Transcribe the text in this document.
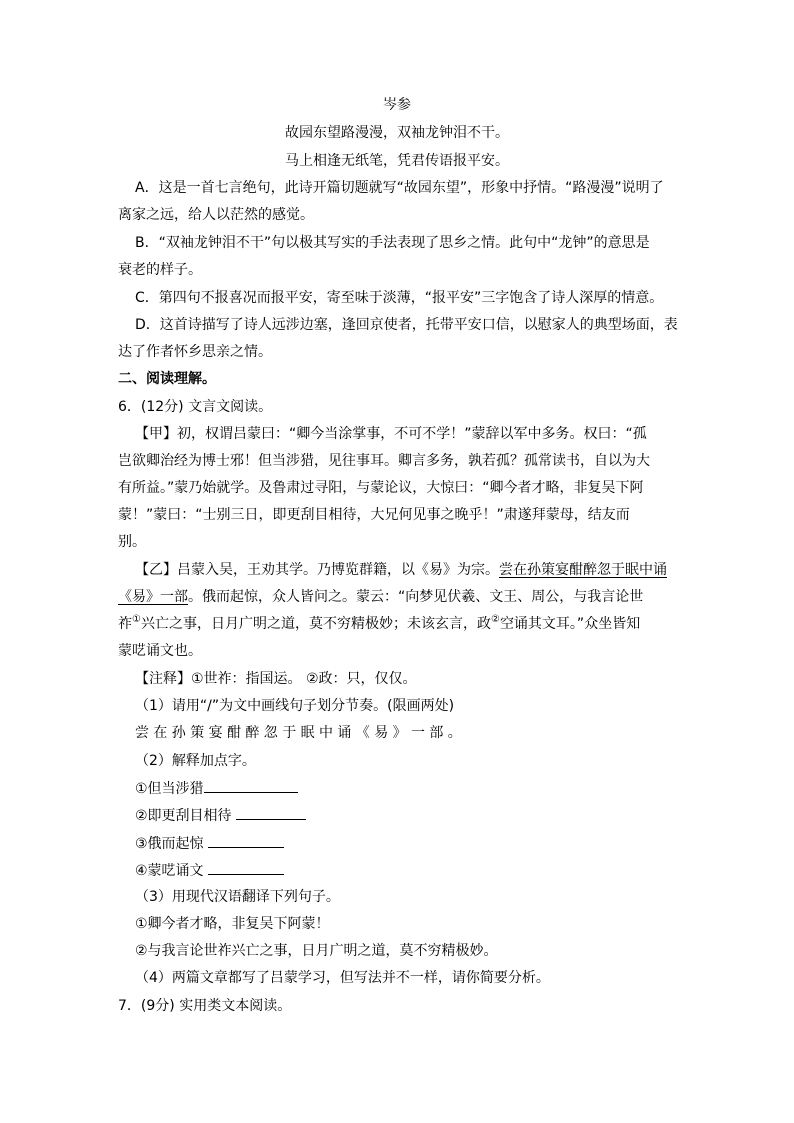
岑参
故园东望路漫漫，双袖龙钟泪不干。
马上相逢无纸笔，凭君传语报平安。
A．这是一首七言绝句，此诗开篇切题就写“故园东望”，形象中抒情。“路漫漫”说明了
离家之远，给人以茫然的感觉。
B．“双袖龙钟泪不干”句以极其写实的手法表现了思乡之情。此句中“龙钟”的意思是
衰老的样子。
C．第四句不报喜况而报平安，寄至味于淡薄，“报平安”三字饱含了诗人深厚的情意。
D．这首诗描写了诗人远涉边塞，逢回京使者，托带平安口信，以慰家人的典型场面，表
达了作者怀乡思亲之情。
二、阅读理解。
6．(12分) 文言文阅读。
【甲】初，权谓吕蒙曰：“卿今当涂掌事，不可不学！”蒙辞以军中多务。权曰：“孤
岂欲卿治经为博士邪！但当涉猎，见往事耳。卿言多务，孰若孤？孤常读书，自以为大
有所益。”蒙乃始就学。及鲁肃过寻阳，与蒙论议，大惊曰：“卿今者才略，非复吴下阿
蒙！”蒙曰：“士别三日，即更刮目相待，大兄何见事之晚乎！”肃遂拜蒙母，结友而
别。
【乙】吕蒙入吴，王劝其学。乃博览群籍，以《易》为宗。尝在孙策宴酣醉忽于眠中诵
《易》一部。俄而起惊，众人皆问之。蒙云：“向梦见伏羲、文王、周公，与我言论世
祚①兴亡之事，日月广明之道，莫不穷精极妙；未该玄言，政②空诵其文耳。”众坐皆知
蒙呓诵文也。
【注释】①世祚：指国运。 ②政：只，仅仅。
（1）请用“/”为文中画线句子划分节奏。(限画两处)
尝在孙策宴酣醉忽于眠中诵《易》一部。
（2）解释加点字。
①但当涉猎
②即更刮目相待
③俄而起惊
④蒙呓诵文
（3）用现代汉语翻译下列句子。
①卿今者才略，非复吴下阿蒙！
②与我言论世祚兴亡之事，日月广明之道，莫不穷精极妙。
（4）两篇文章都写了吕蒙学习，但写法并不一样，请你简要分析。
7．(9分) 实用类文本阅读。
